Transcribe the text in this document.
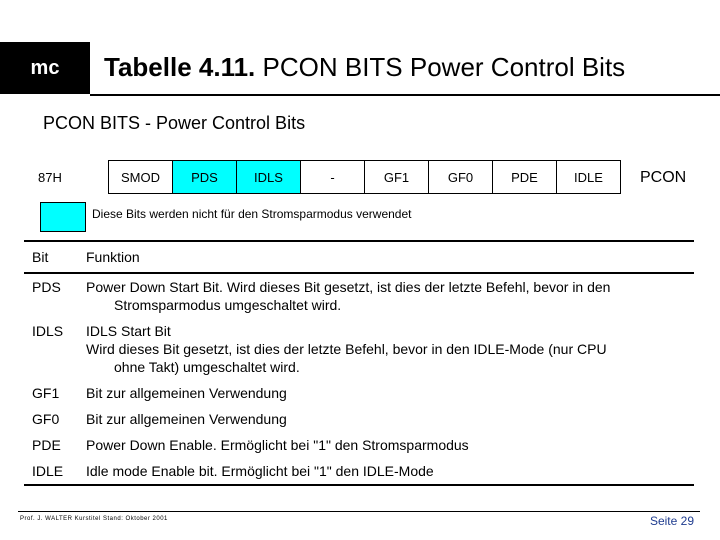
mc	Tabelle 4.11. PCON BITS Power Control Bits
PCON BITS - Power Control Bits
87H	SMOD	PDS	IDLS	-	GF1	GF0	PDE	IDLE	PCON
Diese Bits werden nicht für den Stromsparmodus verwendet
Bit	Funktion
PDS	Power Down Start Bit. Wird dieses Bit gesetzt, ist dies der letzte Befehl, bevor in den
Stromsparmodus umgeschaltet wird.

IDLS	IDLS Start Bit
Wird dieses Bit gesetzt, ist dies der letzte Befehl, bevor in den IDLE-Mode (nur CPU
ohne Takt) umgeschaltet wird.

GF1	Bit zur allgemeinen Verwendung
GF0	Bit zur allgemeinen Verwendung
PDE	Power Down Enable. Ermöglicht bei "1" den Stromsparmodus
IDLE	Idle mode Enable bit. Ermöglicht bei "1" den IDLE-Mode
Prof. J. WALTER Kurstitel Stand: Oktober 2001	Seite 29
